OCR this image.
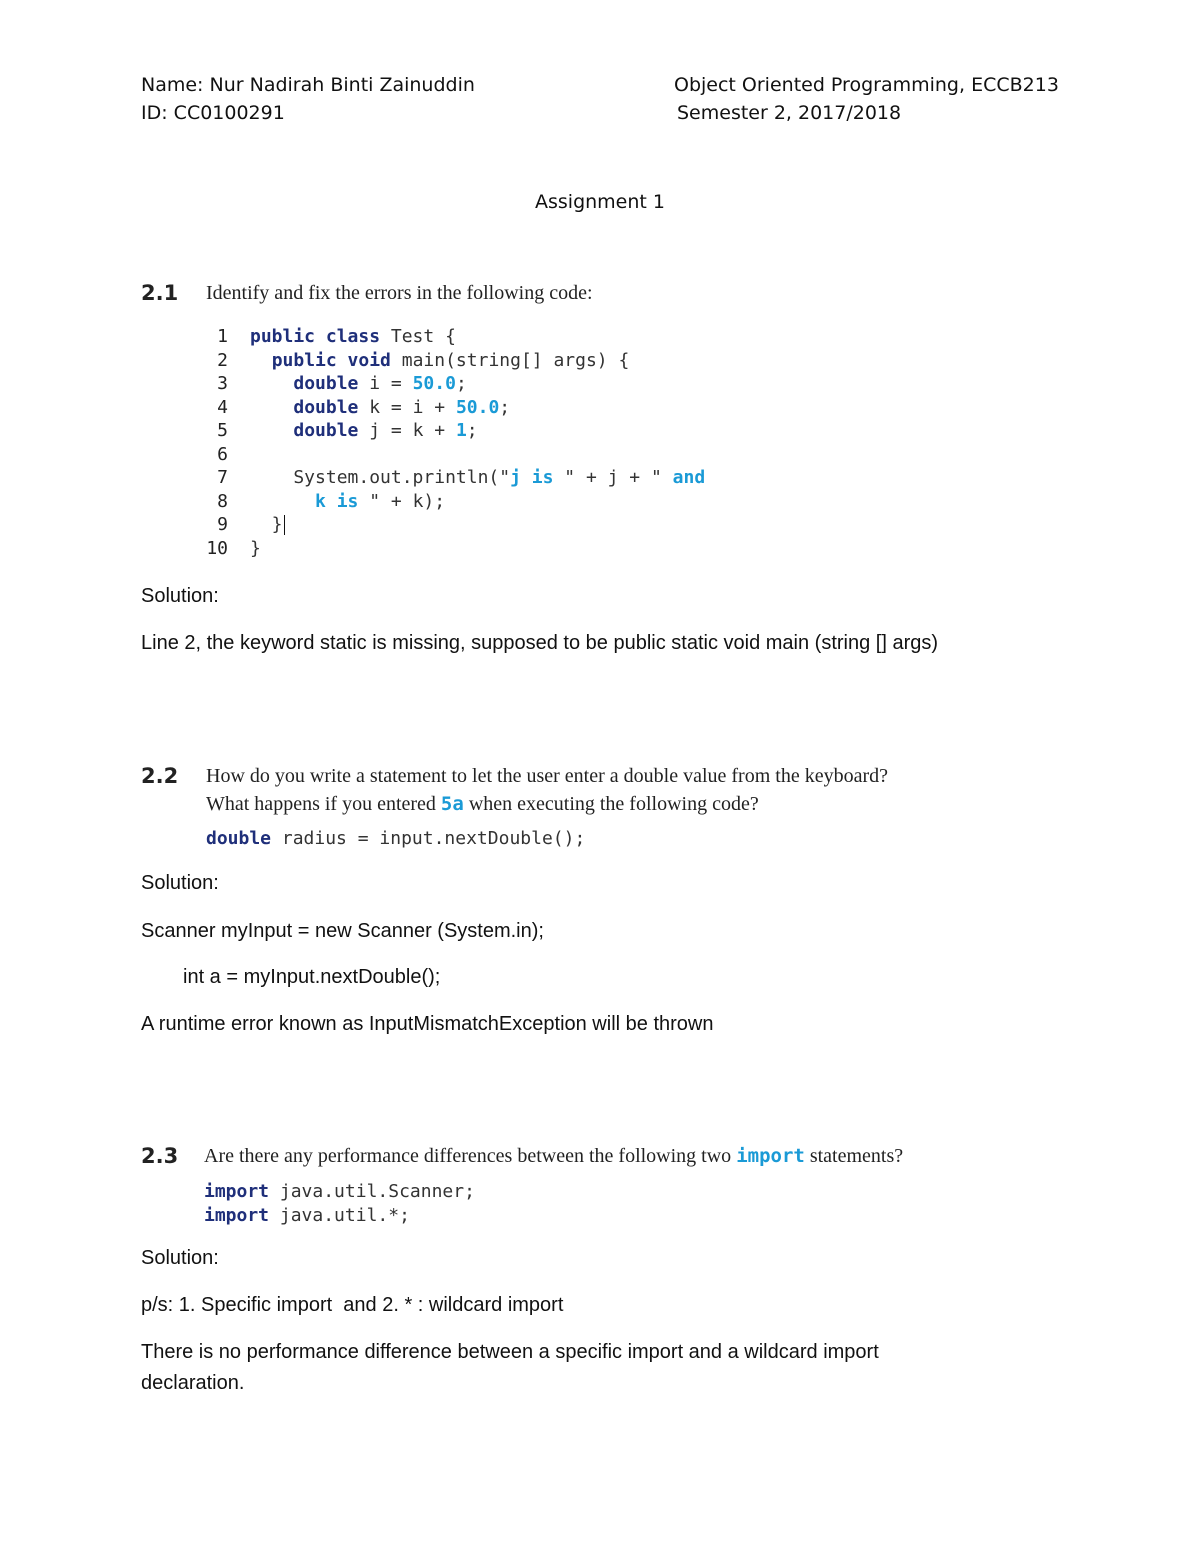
Name: Nur Nadirah Binti Zainuddin
ID: CC0100291
Object Oriented Programming, ECCB213
Semester 2, 2017/2018
Assignment 1
2.1 Identify and fix the errors in the following code:
1 public class Test {
2 public void main(string[] args) {
3	double i = 50.0;
4	double k = i + 50.0;
5	double j = k + 1;
6
7    System.out.println("j is " + j + " and
8	k is " + k);
9  }
10 }
Solution:
Line 2, the keyword static is missing, supposed to be public static void main (string [] args)
2.2 How do you write a statement to let the user enter a double value from the keyboard?
What happens if you entered 5a when executing the following code?
double radius = input.nextDouble();
Solution:
Scanner myInput = new Scanner (System.in);
int a = myInput.nextDouble();
A runtime error known as InputMismatchException will be thrown
2.3 Are there any performance differences between the following two import statements?
import java.util.Scanner;
import java.util.*;
Solution:
p/s: 1. Specific import  and 2. * : wildcard import
There is no performance difference between a specific import and a wildcard import
declaration.
